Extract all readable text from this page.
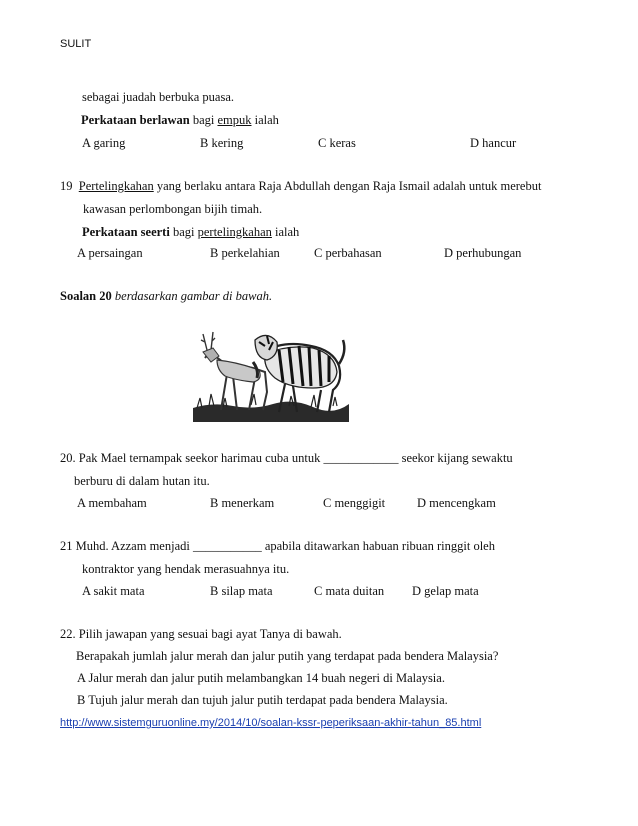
SULIT
sebagai juadah berbuka puasa.
Perkataan berlawan bagi empuk ialah
A garing	B kering	C keras	D hancur
19 Pertelingkahan yang berlaku antara Raja Abdullah dengan Raja Ismail adalah untuk merebut
kawasan perlombongan bijih timah.
Perkataan seerti bagi pertelingkahan ialah
A persaingan	B perkelahian	C perbahasan	D perhubungan
Soalan 20 berdasarkan gambar di bawah.
20. Pak Mael ternampak seekor harimau cuba untuk ____________ seekor kijang sewaktu
berburu di dalam hutan itu.
A membaham	B menerkam	C menggigit	D mencengkam
21 Muhd. Azzam menjadi ___________ apabila ditawarkan habuan ribuan ringgit oleh
kontraktor yang hendak merasuahnya itu.
A sakit mata	B silap mata	C mata duitan D gelap mata
22. Pilih jawapan yang sesuai bagi ayat Tanya di bawah.
Berapakah jumlah jalur merah dan jalur putih yang terdapat pada bendera Malaysia?
A Jalur merah dan jalur putih melambangkan 14 buah negeri di Malaysia.
B Tujuh jalur merah dan tujuh jalur putih terdapat pada bendera Malaysia.
http://www.sistemguruonline.my/2014/10/soalan-kssr-peperiksaan-akhir-tahun_85.html
